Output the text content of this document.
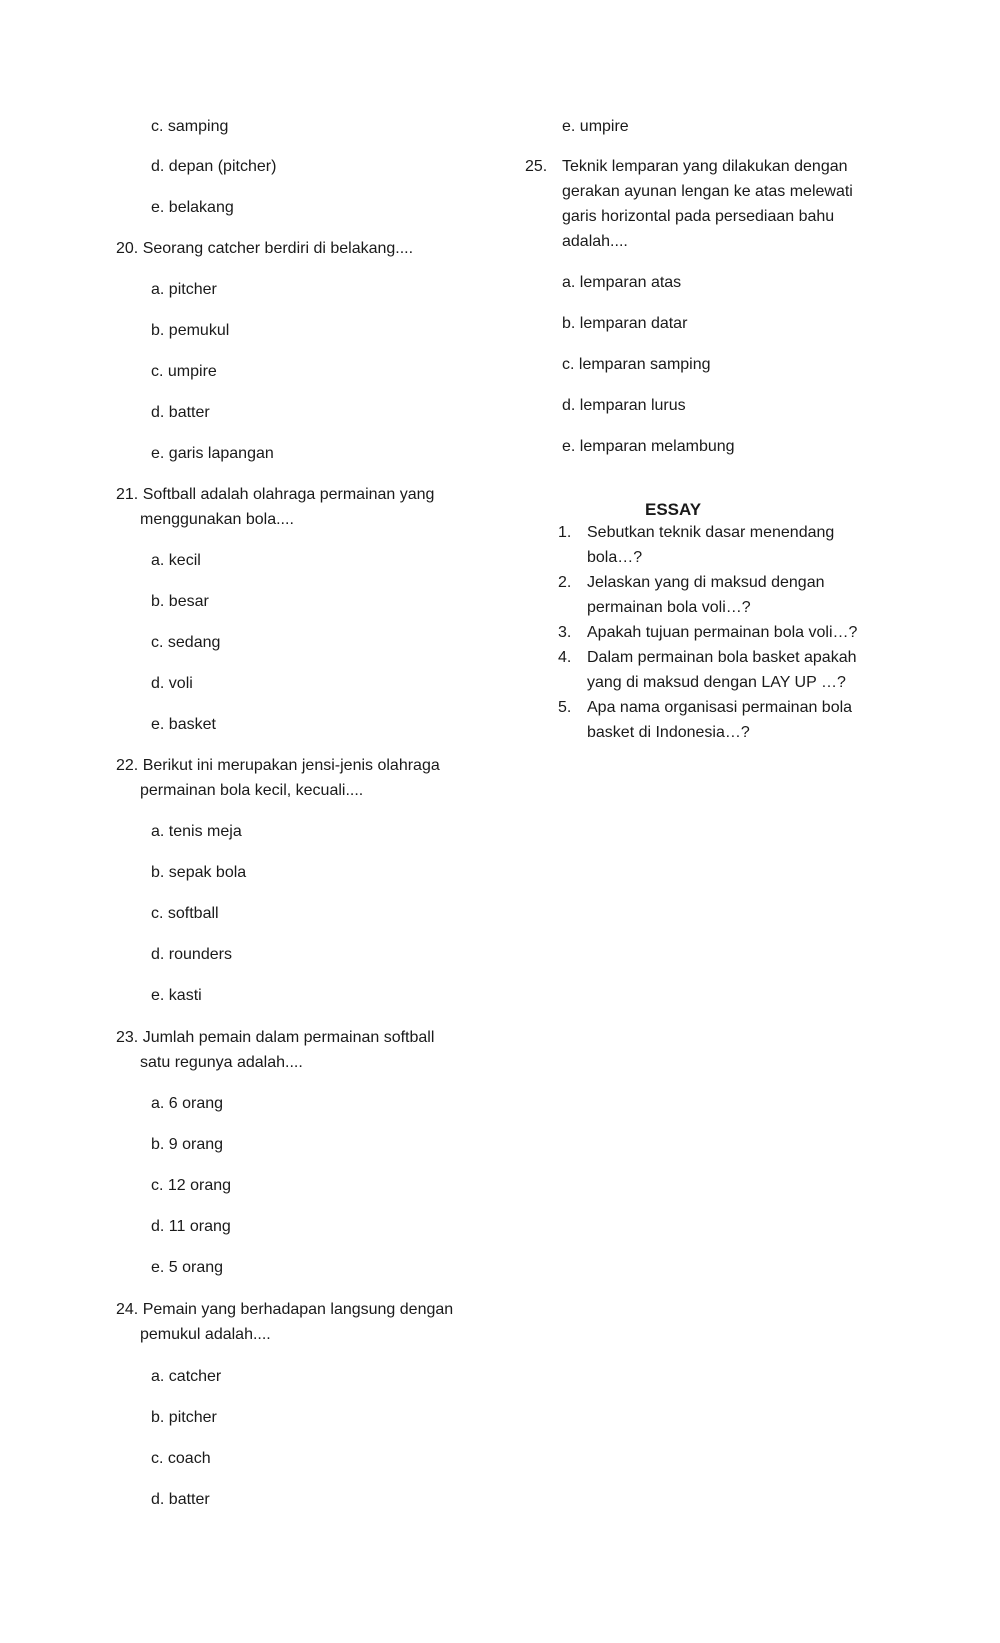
c. samping
d. depan (pitcher)
e. belakang
20. Seorang catcher berdiri di belakang....
a. pitcher
b. pemukul
c. umpire
d. batter
e. garis lapangan
21. Softball adalah olahraga permainan yang
menggunakan bola....
a. kecil
b. besar
c. sedang
d. voli
e. basket
22. Berikut ini merupakan jensi-jenis olahraga
permainan bola kecil, kecuali....
a. tenis meja
b. sepak bola
c. softball
d. rounders
e. kasti
23. Jumlah pemain dalam permainan softball
satu regunya adalah....
a. 6 orang
b. 9 orang
c. 12 orang
d. 11 orang
e. 5 orang
24. Pemain yang berhadapan langsung dengan
pemukul adalah....
a. catcher
b. pitcher
c. coach
d. batter
e. umpire
25. Teknik lemparan yang dilakukan dengan
gerakan ayunan lengan ke atas melewati
garis horizontal pada persediaan bahu
adalah....
a. lemparan atas
b. lemparan datar
c. lemparan samping
d. lemparan lurus
e. lemparan melambung
ESSAY
1. Sebutkan teknik dasar menendang
bola…?
2. Jelaskan yang di maksud dengan
permainan bola voli…?
3. Apakah tujuan permainan bola voli…?
4. Dalam permainan bola basket apakah
yang di maksud dengan LAY UP …?
5. Apa nama organisasi permainan bola
basket di Indonesia…?
